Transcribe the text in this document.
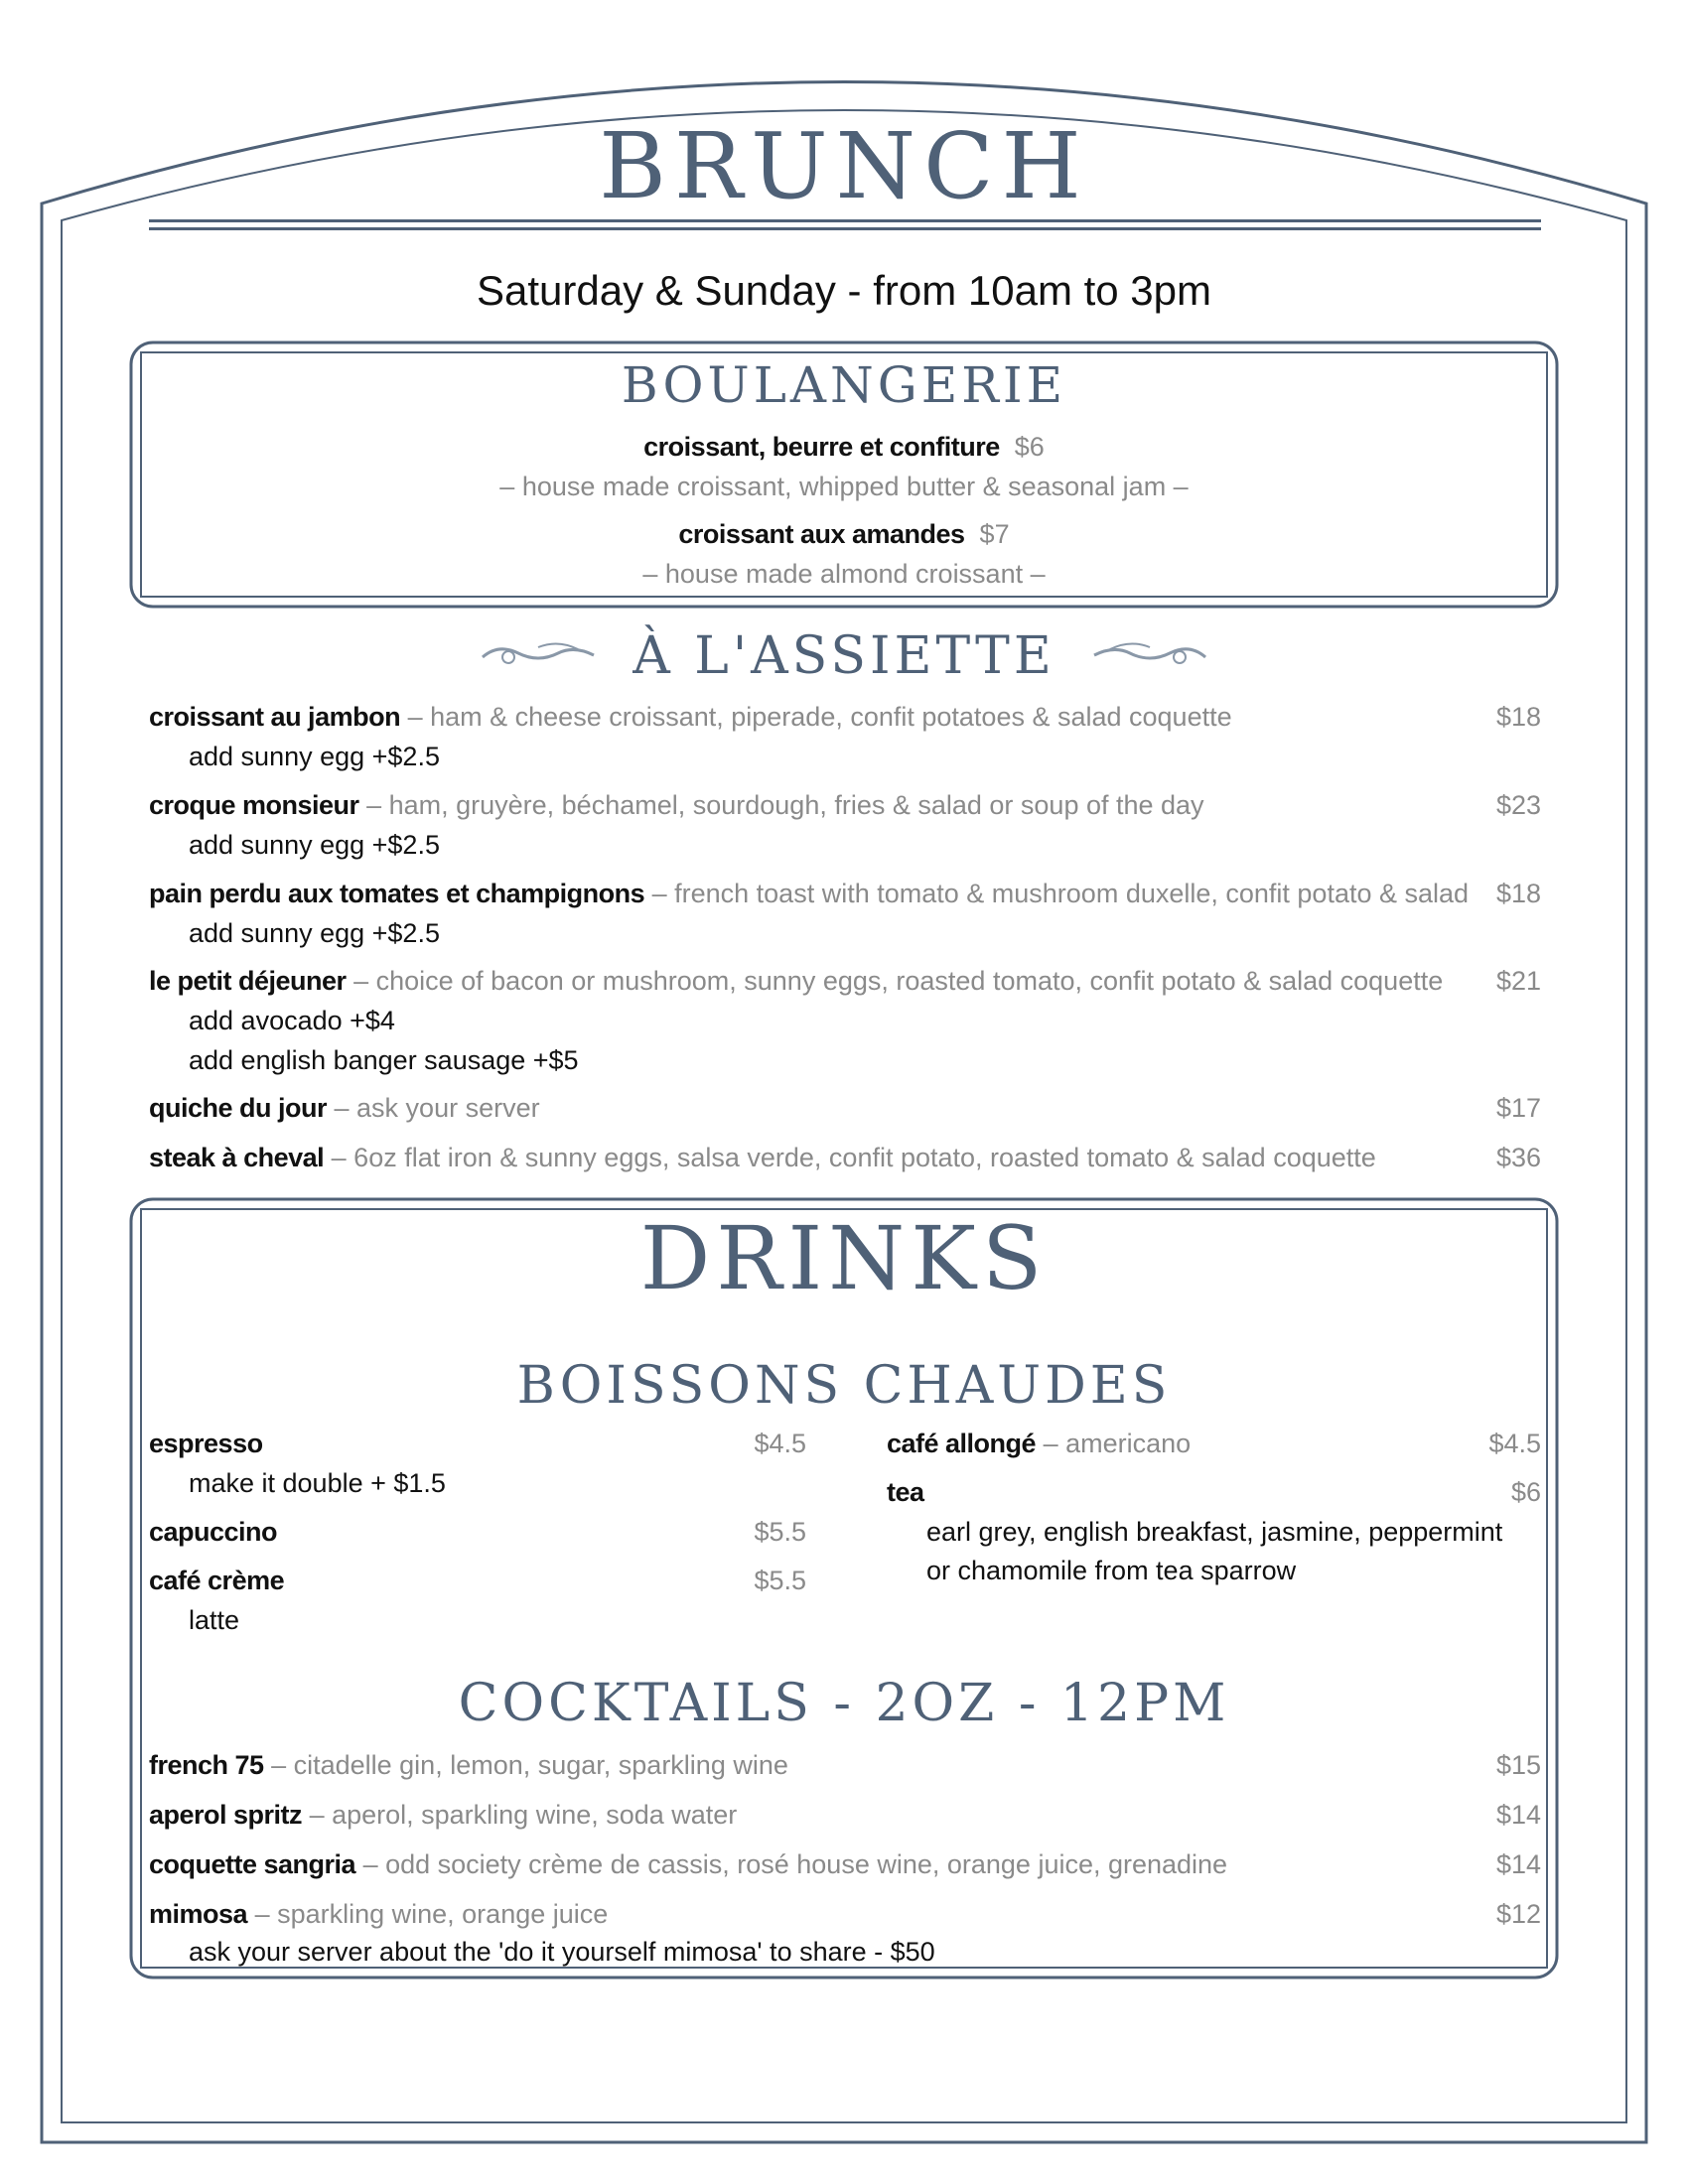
BRUNCH
Saturday & Sunday - from 10am to 3pm
BOULANGERIE
croissant, beurre et confiture $6
– house made croissant, whipped butter & seasonal jam –
croissant aux amandes $7
– house made almond croissant –
À L'ASSIETTE
croissant au jambon – ham & cheese croissant, piperade, confit potatoes & salad coquette	$18
add sunny egg +$2.5
croque monsieur – ham, gruyère, béchamel, sourdough, fries & salad or soup of the day	$23
add sunny egg +$2.5
pain perdu aux tomates et champignons – french toast with tomato & mushroom duxelle, confit potato & salad $18
add sunny egg +$2.5
le petit déjeuner – choice of bacon or mushroom, sunny eggs, roasted tomato, confit potato & salad coquette $21
add avocado +$4
add english banger sausage +$5
quiche du jour – ask your server	$17
steak à cheval – 6oz flat iron & sunny eggs, salsa verde, confit potato, roasted tomato & salad coquette	$36
DRINKS
BOISSONS CHAUDES
espresso	$4.5
make it double + $1.5
capuccino	$5.5
café crème	$5.5
latte
café allongé – americano	$4.5
tea	$6
earl grey, english breakfast, jasmine, peppermint
or chamomile from tea sparrow
COCKTAILS - 2OZ - 12PM
french 75 – citadelle gin, lemon, sugar, sparkling wine	$15
aperol spritz – aperol, sparkling wine, soda water	$14
coquette sangria – odd society crème de cassis, rosé house wine, orange juice, grenadine	$14
mimosa – sparkling wine, orange juice	$12
ask your server about the 'do it yourself mimosa' to share - $50
